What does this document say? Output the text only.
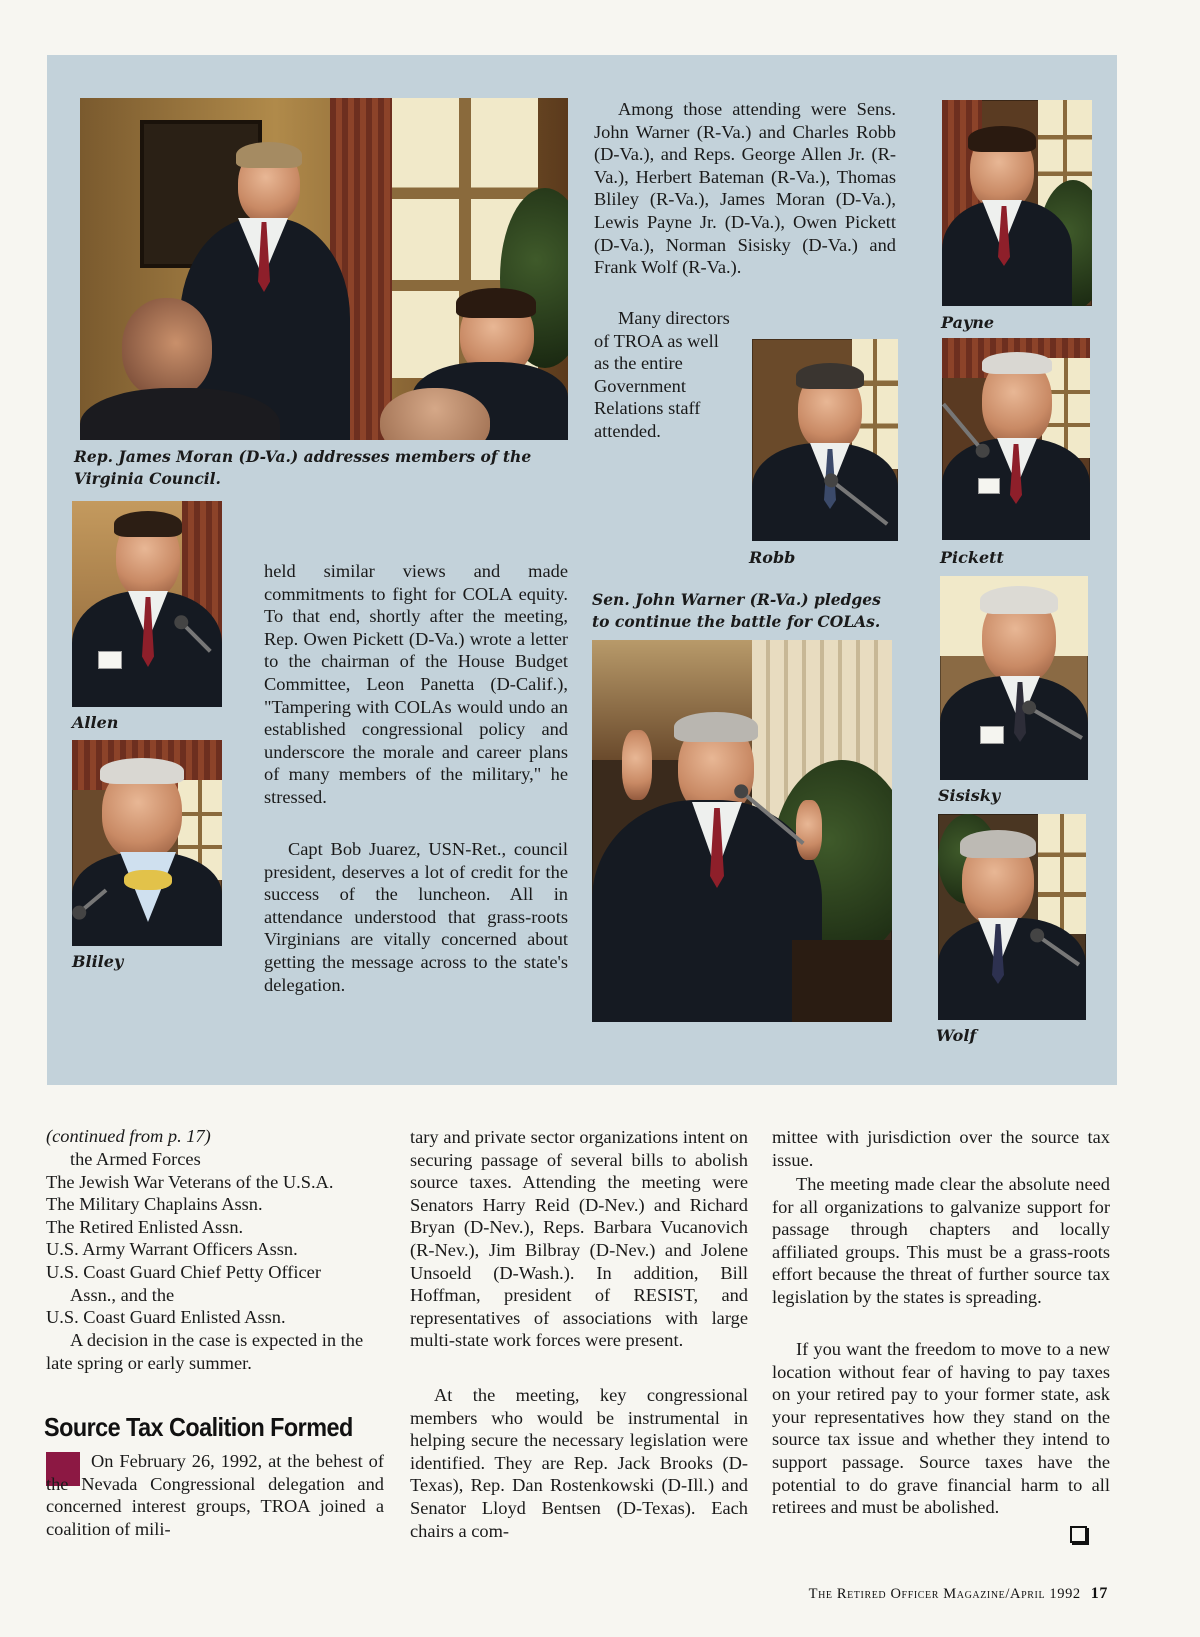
Rep. James Moran (D-Va.) addresses members of the Virginia Council.
Payne
Robb	Pickett
Among those attending were Sens. John Warner (R-Va.) and Charles Robb (D-Va.), and Reps. George Allen Jr. (R-Va.), Herbert Bateman (R-Va.), Thomas Bliley (R-Va.), James Moran (D-Va.), Lewis Payne Jr. (D-Va.), Owen Pickett (D-Va.), Norman Sisisky (D-Va.) and Frank Wolf (R-Va.).
Many directors of TROA as well as the entire Government Relations staff attended.
Allen
Bliley
held similar views and made commitments to fight for COLA equity. To that end, shortly after the meeting, Rep. Owen Pickett (D-Va.) wrote a letter to the chairman of the House Budget Committee, Leon Panetta (D-Calif.), "Tampering with COLAs would undo an established congressional policy and underscore the morale and career plans of many members of the military," he stressed.
Capt Bob Juarez, USN-Ret., council president, deserves a lot of credit for the success of the luncheon. All in attendance understood that grass-roots Virginians are vitally concerned about getting the message across to the state's delegation.
Sen. John Warner (R-Va.) pledges to continue the battle for COLAs.
Sisisky
Wolf
(continued from p. 17)
the Armed Forces
The Jewish War Veterans of the U.S.A.
The Military Chaplains Assn.
The Retired Enlisted Assn.
U.S. Army Warrant Officers Assn.
U.S. Coast Guard Chief Petty Officer
Assn., and the
U.S. Coast Guard Enlisted Assn.
A decision in the case is expected in the late spring or early summer.
Source Tax Coalition Formed
On February 26, 1992, at the behest of the Nevada Congressional delegation and concerned interest groups, TROA joined a coalition of mili-
tary and private sector organizations intent on securing passage of several bills to abolish source taxes. Attending the meeting were Senators Harry Reid (D-Nev.) and Richard Bryan (D-Nev.), Reps. Barbara Vucanovich (R-Nev.), Jim Bilbray (D-Nev.) and Jolene Unsoeld (D-Wash.). In addition, Bill Hoffman, president of RESIST, and representatives of associations with large multi-state work forces were present.
At the meeting, key congressional members who would be instrumental in helping secure the necessary legislation were identified. They are Rep. Jack Brooks (D-Texas), Rep. Dan Rostenkowski (D-Ill.) and Senator Lloyd Bentsen (D-Texas). Each chairs a com-
mittee with jurisdiction over the source tax issue.
The meeting made clear the absolute need for all organizations to galvanize support for passage through chapters and locally affiliated groups. This must be a grass-roots effort because the threat of further source tax legislation by the states is spreading.
If you want the freedom to move to a new location without fear of having to pay taxes on your retired pay to your former state, ask your representatives how they stand on the source tax issue and whether they intend to support passage. Source taxes have the potential to do grave financial harm to all retirees and must be abolished.
The Retired Officer Magazine/April 1992 17
